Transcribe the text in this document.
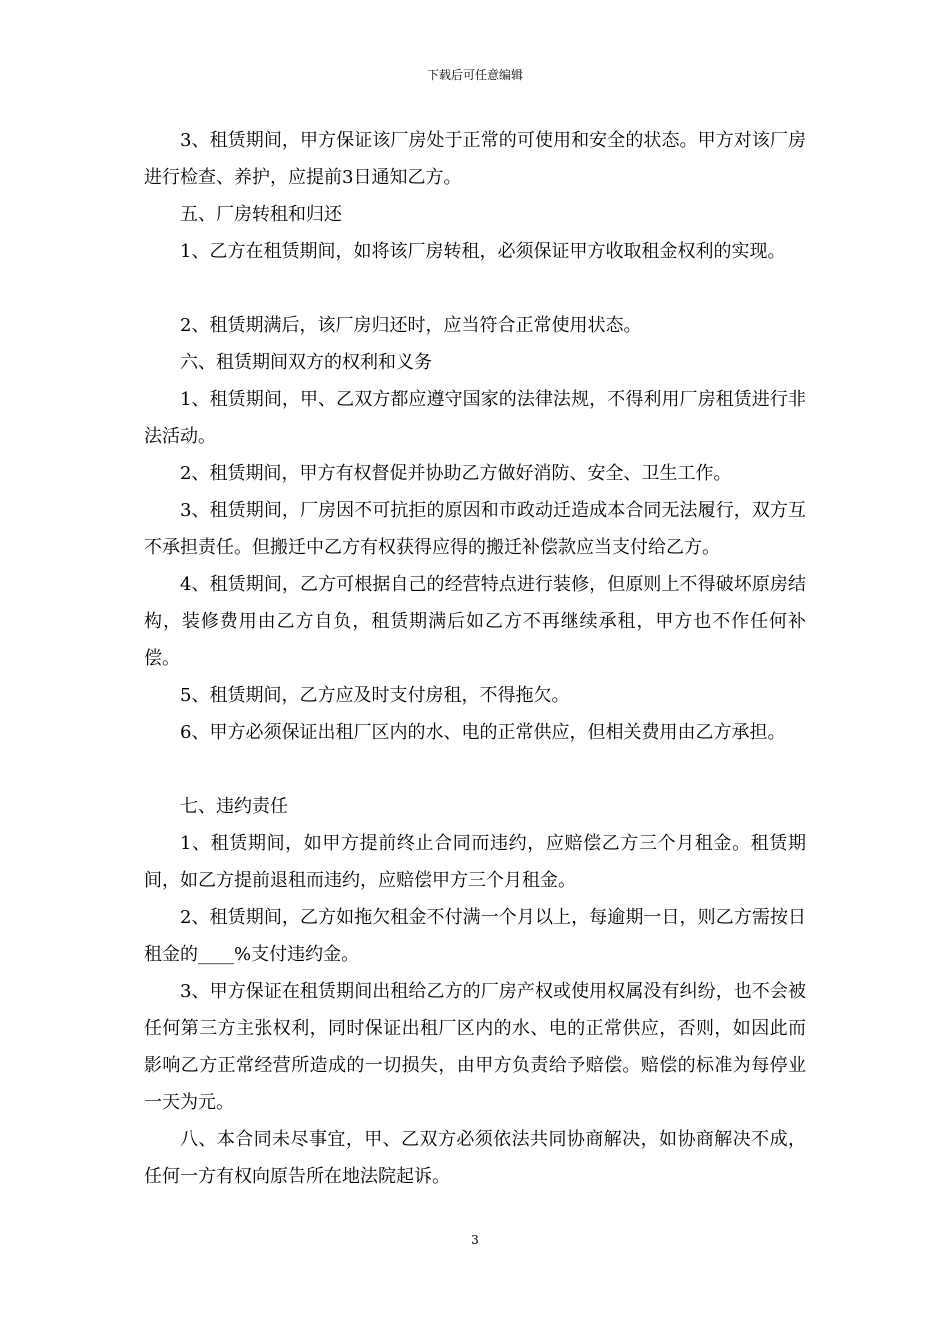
下载后可任意编辑

3、租赁期间，甲方保证该厂房处于正常的可使用和安全的状态。甲方对该厂房进行检查、养护，应提前3日通知乙方。

五、厂房转租和归还

1、乙方在租赁期间，如将该厂房转租，必须保证甲方收取租金权利的实现。

2、租赁期满后，该厂房归还时，应当符合正常使用状态。

六、租赁期间双方的权利和义务

1、租赁期间，甲、乙双方都应遵守国家的法律法规，不得利用厂房租赁进行非法活动。

2、租赁期间，甲方有权督促并协助乙方做好消防、安全、卫生工作。

3、租赁期间，厂房因不可抗拒的原因和市政动迁造成本合同无法履行，双方互不承担责任。但搬迁中乙方有权获得应得的搬迁补偿款应当支付给乙方。

4、租赁期间，乙方可根据自己的经营特点进行装修，但原则上不得破坏原房结构，装修费用由乙方自负，租赁期满后如乙方不再继续承租，甲方也不作任何补偿。

5、租赁期间，乙方应及时支付房租，不得拖欠。

6、甲方必须保证出租厂区内的水、电的正常供应，但相关费用由乙方承担。

七、违约责任

1、租赁期间，如甲方提前终止合同而违约，应赔偿乙方三个月租金。租赁期间，如乙方提前退租而违约，应赔偿甲方三个月租金。

2、租赁期间，乙方如拖欠租金不付满一个月以上，每逾期一日，则乙方需按日租金的____%支付违约金。

3、甲方保证在租赁期间出租给乙方的厂房产权或使用权属没有纠纷，也不会被任何第三方主张权利，同时保证出租厂区内的水、电的正常供应，否则，如因此而影响乙方正常经营所造成的一切损失，由甲方负责给予赔偿。赔偿的标准为每停业一天为元。

八、本合同未尽事宜，甲、乙双方必须依法共同协商解决，如协商解决不成，任何一方有权向原告所在地法院起诉。

3
